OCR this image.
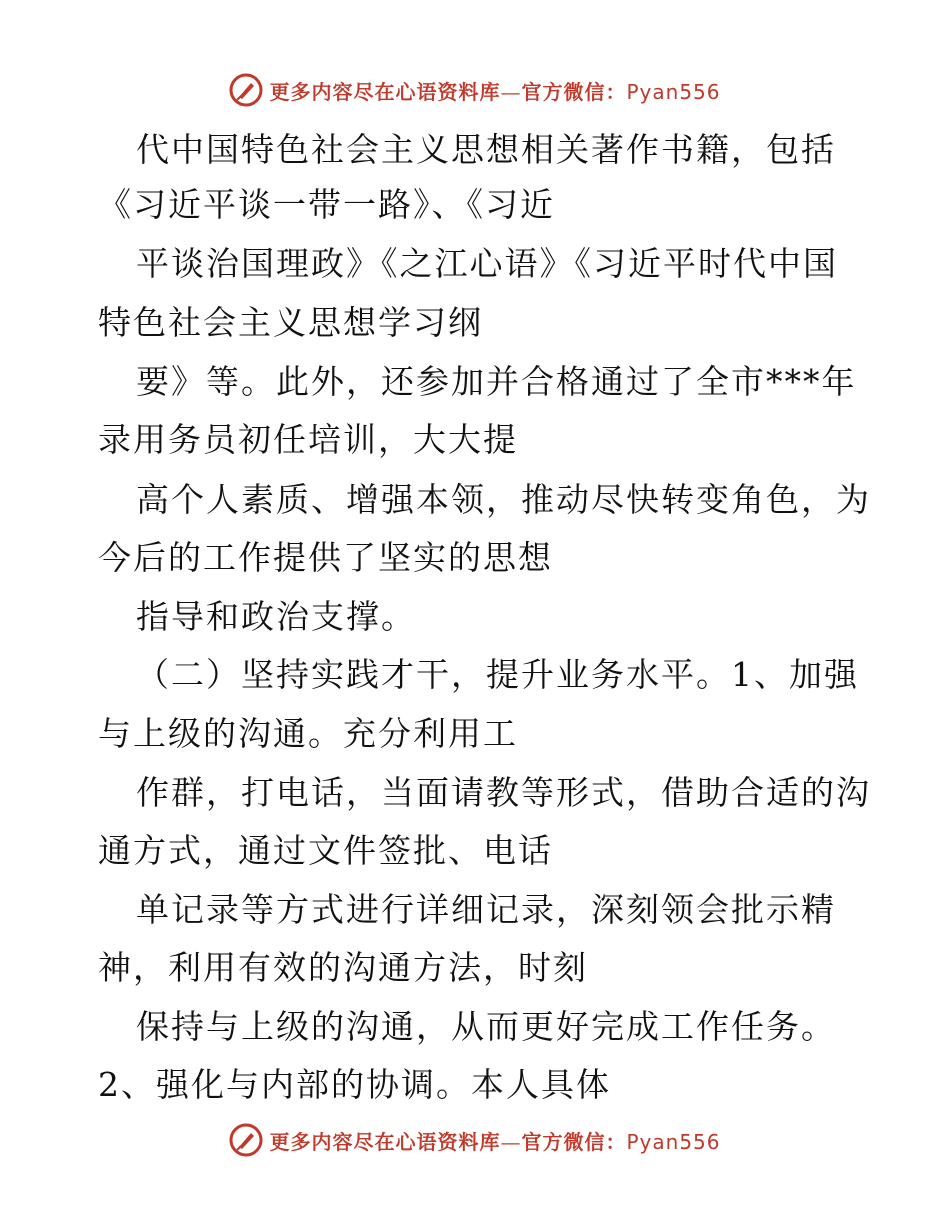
更多内容尽在心语资料库—官方微信：Pyan556
代中国特色社会主义思想相关著作书籍，包括
《习近平谈一带一路》、《习近
平谈治国理政》《之江心语》《习近平时代中国
特色社会主义思想学习纲
要》等。此外，还参加并合格通过了全市***年
录用务员初任培训，大大提
高个人素质、增强本领，推动尽快转变角色，为
今后的工作提供了坚实的思想
指导和政治支撑。
（二）坚持实践才干，提升业务水平。1、加强
与上级的沟通。充分利用工
作群，打电话，当面请教等形式，借助合适的沟
通方式，通过文件签批、电话
单记录等方式进行详细记录，深刻领会批示精
神，利用有效的沟通方法，时刻
保持与上级的沟通，从而更好完成工作任务。
2、强化与内部的协调。本人具体
更多内容尽在心语资料库—官方微信：Pyan556
